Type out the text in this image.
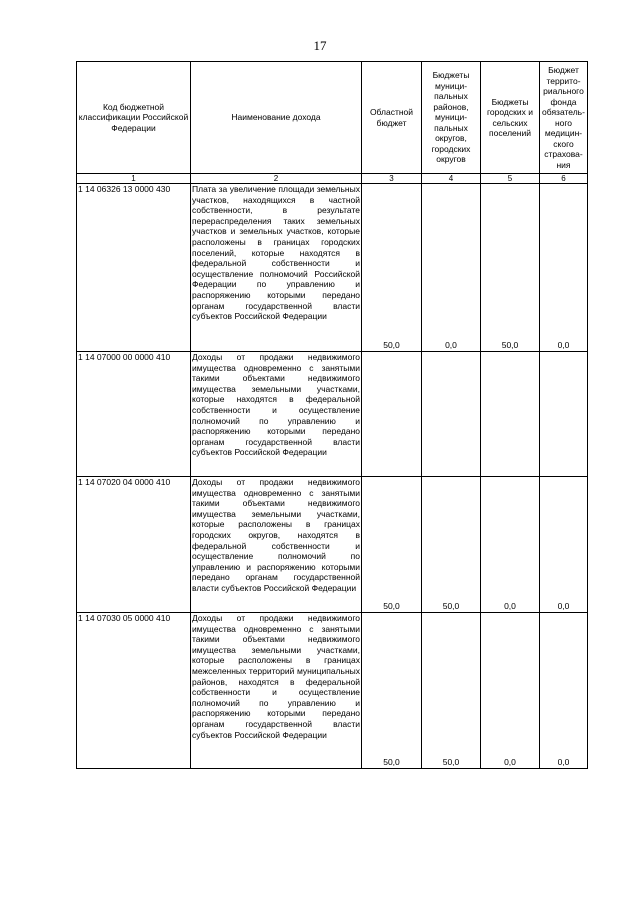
17
Код бюджетной классификации Российской Федерации	Наименование дохода	Областной бюджет	Бюджеты муници-пальных районов, муници-пальных округов, городских округов	Бюджеты городских и сельских поселений	Бюджет террито-риального фонда обязатель-ного медицин-ского страхова-ния
1	2	3	4	5	6
1 14 06326 13 0000 430	Плата за увеличение площади земельных участков, находящихся в частной собственности, в результате перераспределения таких земельных участков и земельных участков, которые расположены в границах городских поселений, которые находятся в федеральной собственности и осуществление полномочий Российской Федерации по управлению и распоряжению которыми передано органам государственной власти субъектов Российской Федерации	50,0	0,0	50,0	0,0
1 14 07000 00 0000 410	Доходы от продажи недвижимого имущества одновременно с занятыми такими объектами недвижимого имущества земельными участками, которые находятся в федеральной собственности и осуществление полномочий по управлению и распоряжению которыми передано органам государственной власти субъектов Российской Федерации				
1 14 07020 04 0000 410	Доходы от продажи недвижимого имущества одновременно с занятыми такими объектами недвижимого имущества земельными участками, которые расположены в границах городских округов, находятся в федеральной собственности и осуществление полномочий по управлению и распоряжению которыми передано органам государственной власти субъектов Российской Федерации	50,0	50,0	0,0	0,0
1 14 07030 05 0000 410	Доходы от продажи недвижимого имущества одновременно с занятыми такими объектами недвижимого имущества земельными участками, которые расположены в границах межселенных территорий муниципальных районов, находятся в федеральной собственности и осуществление полномочий по управлению и распоряжению которыми передано органам государственной власти субъектов Российской Федерации	50,0	50,0	0,0	0,0
